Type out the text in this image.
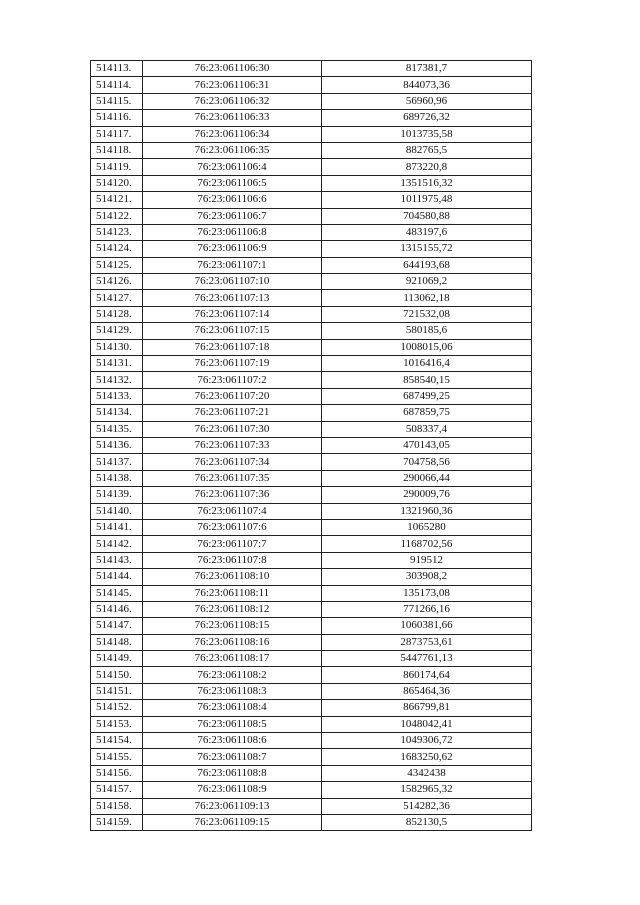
514113.	76:23:061106:30	817381,7
514114.	76:23:061106:31	844073,36
514115.	76:23:061106:32	56960,96
514116.	76:23:061106:33	689726,32
514117.	76:23:061106:34	1013735,58
514118.	76:23:061106:35	882765,5
514119.	76:23:061106:4	873220,8
514120.	76:23:061106:5	1351516,32
514121.	76:23:061106:6	1011975,48
514122.	76:23:061106:7	704580,88
514123.	76:23:061106:8	483197,6
514124.	76:23:061106:9	1315155,72
514125.	76:23:061107:1	644193,68
514126.	76:23:061107:10	921069,2
514127.	76:23:061107:13	113062,18
514128.	76:23:061107:14	721532,08
514129.	76:23:061107:15	580185,6
514130.	76:23:061107:18	1008015,06
514131.	76:23:061107:19	1016416,4
514132.	76:23:061107:2	858540,15
514133.	76:23:061107:20	687499,25
514134.	76:23:061107:21	687859,75
514135.	76:23:061107:30	508337,4
514136.	76:23:061107:33	470143,05
514137.	76:23:061107:34	704758,56
514138.	76:23:061107:35	290066,44
514139.	76:23:061107:36	290009,76
514140.	76:23:061107:4	1321960,36
514141.	76:23:061107:6	1065280
514142.	76:23:061107:7	1168702,56
514143.	76:23:061107:8	919512
514144.	76:23:061108:10	303908,2
514145.	76:23:061108:11	135173,08
514146.	76:23:061108:12	771266,16
514147.	76:23:061108:15	1060381,66
514148.	76:23:061108:16	2873753,61
514149.	76:23:061108:17	5447761,13
514150.	76:23:061108:2	860174,64
514151.	76:23:061108:3	865464,36
514152.	76:23:061108:4	866799,81
514153.	76:23:061108:5	1048042,41
514154.	76:23:061108:6	1049306,72
514155.	76:23:061108:7	1683250,62
514156.	76:23:061108:8	4342438
514157.	76:23:061108:9	1582965,32
514158.	76:23:061109:13	514282,36
514159.	76:23:061109:15	852130,5
